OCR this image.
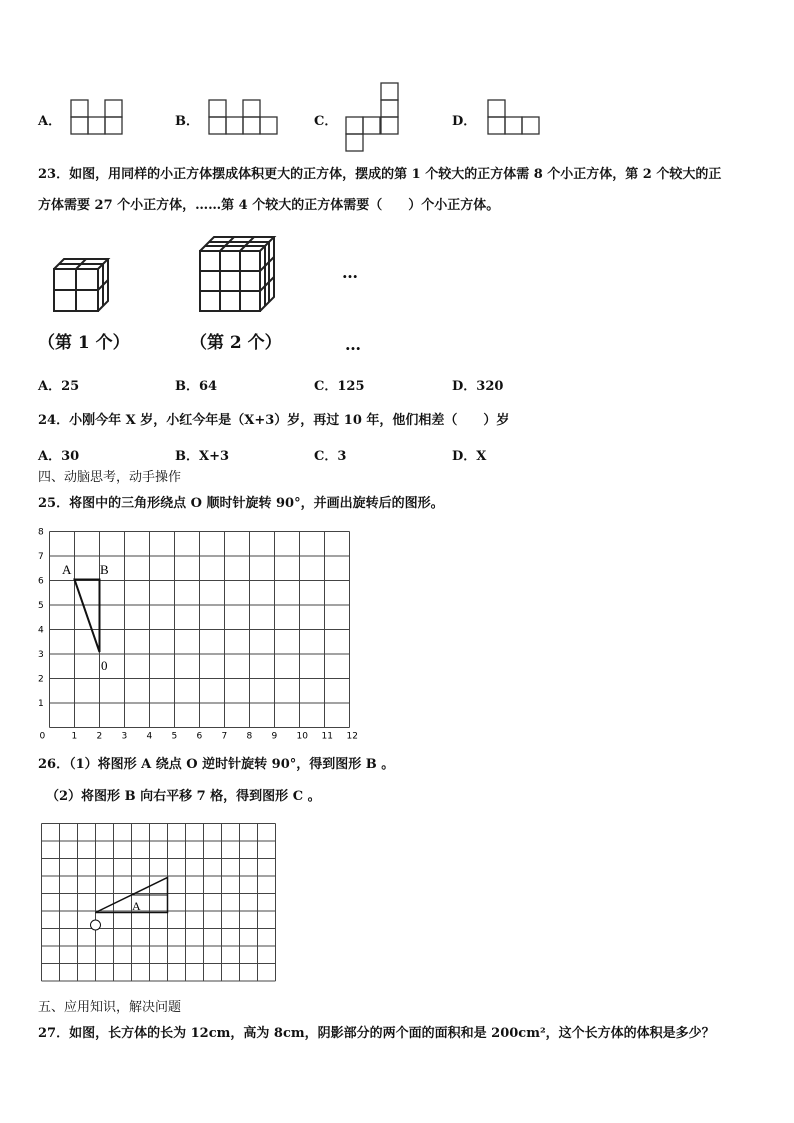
A．	B．	C．	D．
23．如图，用同样的小正方体摆成体积更大的正方体，摆成的第 1 个较大的正方体需 8 个小正方体，第 2 个较大的正
方体需要 27 个小正方体，……第 4 个较大的正方体需要（　　）个小正方体。
…
（第 1 个）	（第 2 个）	…
A．25	B．64	C．125	D．320
24．小刚今年 X 岁，小红今年是（X+3）岁，再过 10 年，他们相差（　　）岁
A．30	B．X+3	C．3	D．X
四、动脑思考，动手操作
25．将图中的三角形绕点 O 顺时针旋转 90°，并画出旋转后的图形。
0	1 2 3 4 5 6 7 8 9 10 11 12
1
2
3
4
5
6
7
8
A B
0
26．（1）将图形 A 绕点 O 逆时针旋转 90°，得到图形 B 。
（2）将图形 B 向右平移 7 格，得到图形 C 。
A
五、应用知识，解决问题
27．如图，长方体的长为 12cm，高为 8cm，阴影部分的两个面的面积和是 200cm²，这个长方体的体积是多少？
